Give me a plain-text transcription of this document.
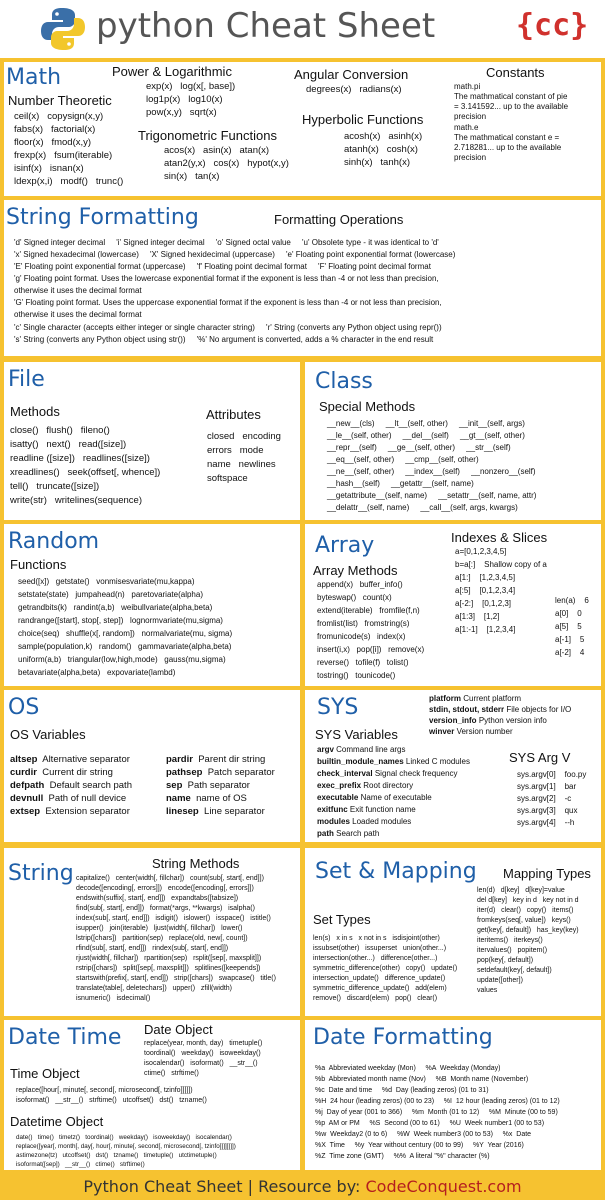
python Cheat Sheet	{cc}
Math
Number Theoretic
ceil(x)   copysign(x,y)
fabs(x)   factorial(x)
floor(x)   fmod(x,y)
frexp(x)   fsum(iterable)
isinf(x)   isnan(x)
ldexp(x,i)   modf()   trunc()
Power & Logarithmic
exp(x)   log(x[, base])
log1p(x)   log10(x)
pow(x,y)   sqrt(x)
Trigonometric Functions
acos(x)   asin(x)   atan(x)
atan2(y,x)   cos(x)   hypot(x,y)
sin(x)   tan(x)
Angular Conversion
degrees(x)   radians(x)
Hyperbolic Functions
acosh(x)   asinh(x)
atanh(x)   cosh(x)
sinh(x)   tanh(x)
Constants
math.pi
The mathmatical constant of pie
= 3.141592... up to the available
precision
math.e
The mathmatical constant e =
2.718281... up to the available
precision
String Formatting	Formatting Operations
'd' Signed integer decimal     'i' Signed integer decimal     'o' Signed octal value     'u' Obsolete type - it was identical to 'd'
'x' Signed hexadecimal (lowercase)     'X' Signed hexidecimal (uppercase)     'e' Floating point exponential format (lowercase)
'E' Floating point exponential format (uppercase)     'f' Floating point decimal format     'F' Floating point decimal format
'g' Floating point format. Uses the lowercase exponential format if the exponent is less than -4 or not less than precision,
otherwise it uses the decimal format
'G' Floating point format. Uses the uppercase exponential format if the exponent is less than -4 or not less than precision,
otherwise it uses the decimal format
'c' Single character (accepts either integer or single character string)     'r' String (converts any Python object using repr())
's' String (converts any Python object using str())     '%' No argument is converted, adds a % character in the end result
File
Methods
close()   flush()   fileno()
isatty()   next()   read([size])
readline ([size])   readlines([size])
xreadlines()   seek(offset[, whence])
tell()   truncate([size])
write(str)   writelines(sequence)
Attributes
closed   encoding
errors   mode
name   newlines
softspace
Class
Special Methods
__new__(cls)     __lt__(self, other)     __init__(self, args)
__le__(self, other)     __del__(self)     __gt__(self, other)
__repr__(self)     __ge__(self, other)     __str__(self)
__eq__(self, other)     __cmp__(self, other)
__ne__(self, other)     __index__(self)     __nonzero__(self)
__hash__(self)     __getattr__(self, name)
__getattribute__(self, name)     __setattr__(self, name, attr)
__delattr__(self, name)     __call__(self, args, kwargs)
Random
Functions
seed([x])   getstate()   vonmisesvariate(mu,kappa)
setstate(state)   jumpahead(n)   paretovariate(alpha)
getrandbits(k)   randint(a,b)   weibullvariate(alpha,beta)
randrange([start], stop[, step])   lognormvariate(mu,sigma)
choice(seq)   shuffle(x[, random])   normalvariate(mu, sigma)
sample(population,k)   random()   gammavariate(alpha,beta)
uniform(a,b)   triangular(low,high,mode)   gauss(mu,sigma)
betavariate(alpha,beta)   expovariate(lambd)
Array
Array Methods
append(x)   buffer_info()
byteswap()   count(x)
extend(iterable)   fromfile(f,n)
fromlist(list)   fromstring(s)
fromunicode(s)   index(x)
insert(i,x)   pop([i])   remove(x)
reverse()   tofile(f)   tolist()
tostring()   tounicode()
Indexes & Slices
a=[0,1,2,3,4,5]
b=a[:]    Shallow copy of a
a[1:]    [1,2,3,4,5]
a[:5]    [0,1,2,3,4]
a[-2:]    [0,1,2,3]
a[1:3]    [1,2]
a[1:-1]    [1,2,3,4]
len(a)    6
a[0]    0
a[5]    5
a[-1]    5
a[-2]    4
OS
OS Variables
altsep Alternative separator
curdir Current dir string
defpath Default search path
devnull Path of null device
extsep Extension separator
pardir Parent dir string
pathsep Patch separator
sep Path separator
name name of OS
linesep Line separator
SYS	platform Current platform
stdin, stdout, stderr File objects for I/O
version_info Python version info
winver Version number
SYS Variables
argv Command line args
builtin_module_names Linked C modules
check_interval Signal check frequency
exec_prefix Root directory
executable Name of executable
exitfunc Exit function name
modules Loaded modules
path Search path
SYS Arg V
sys.argv[0] foo.py
sys.argv[1] bar
sys.argv[2] -c
sys.argv[3] qux
sys.argv[4] --h
String	String Methods
capitalize()   center(width[, fillchar])   count(sub[, start[, end]])
decode([encoding[, errors]])   encode([encoding[, errors]])
endswith(suffix[, start[, end]])   expandtabs([tabsize])
find(sub[, start[, end]])   format(*args, **kwargs)   isalpha()
index(sub[, start[, end]])   isdigit()   islower()   isspace()   istitle()
isupper()   join(iterable)   ljust(width[, fillchar])   lower()
lstrip([chars])   partition(sep)   replace(old, new[, count])
rfind(sub[, start[, end]])   rindex(sub[, start[, end]])
rjust(width[, fillchar])   rpartition(sep)   rsplit([sep[, maxsplit]])
rstrip([chars])   split([sep[, maxsplit]])   splitlines([keepends])
startswith(prefix[, start[, end]])   strip([chars])   swapcase()   title()
translate(table[, deletechars])   upper()   zfill(width)
isnumeric()   isdecimal()
Set & Mapping
Set Types
len(s)   x in s   x not in s   isdisjoint(other)
issubset(other)   issuperset   union(other...)
intersection(other...)   difference(other...)
symmetric_difference(other)   copy()   update()
intersection_update()   difference_update()
symmetric_difference_update()   add(elem)
remove()   discard(elem)   pop()   clear()
Mapping Types
len(d)   d[key]   d[key]=value
del d[key]   key in d   key not in d
iter(d)   clear()   copy()   items()
fromkeys(seq[, value])   keys()
get(key[, default])   has_key(key)
iteritems()   iterkeys()
itervalues()   popitem()
pop(key[, default])
setdefault(key[, default])
update([other])
values
Date Time Date Object
replace(year, month, day)   timetuple()
toordinal()   weekday()   isoweekday()
isocalendar()   isoformat()   __str__()
ctime()   strftime()
Time Object
replace([hour[, minute[, second[, microsecond[, tzinfo]]]]])
isoformat()   __str__()   strftime()   utcoffset()   dst()   tzname()
Datetime Object
date()   time()   timetz()   toordinal()   weekday()   isoweekday()   isocalendar()
replace([year[, month[, day[, hour[, minute[, second[, microsecond[, tzinfo]]]]]]]])
astimezone(tz)   utcoffset()   dst()   tzname()   timetuple()   utctimetuple()
isoformat([sep])   __str__()   ctime()   strftime()
Date Formatting
%a  Abbreviated weekday (Mon)     %A  Weekday (Monday)
%b  Abbreviated month name (Nov)     %B  Month name (November)
%c  Date and time     %d  Day (leading zeros) (01 to 31)
%H  24 hour (leading zeros) (00 to 23)     %I  12 hour (leading zeros) (01 to 12)
%j  Day of year (001 to 366)     %m  Month (01 to 12)     %M  Minute (00 to 59)
%p  AM or PM     %S  Second (00 to 61)     %U  Week number1 (00 to 53)
%w  Weekday2 (0 to 6)     %W  Week number3 (00 to 53)     %x  Date
%X  Time     %y  Year without century (00 to 99)     %Y  Year (2016)
%Z  Time zone (GMT)     %%  A literal "%" character (%)
Python Cheat Sheet | Resource by: CodeConquest.com
